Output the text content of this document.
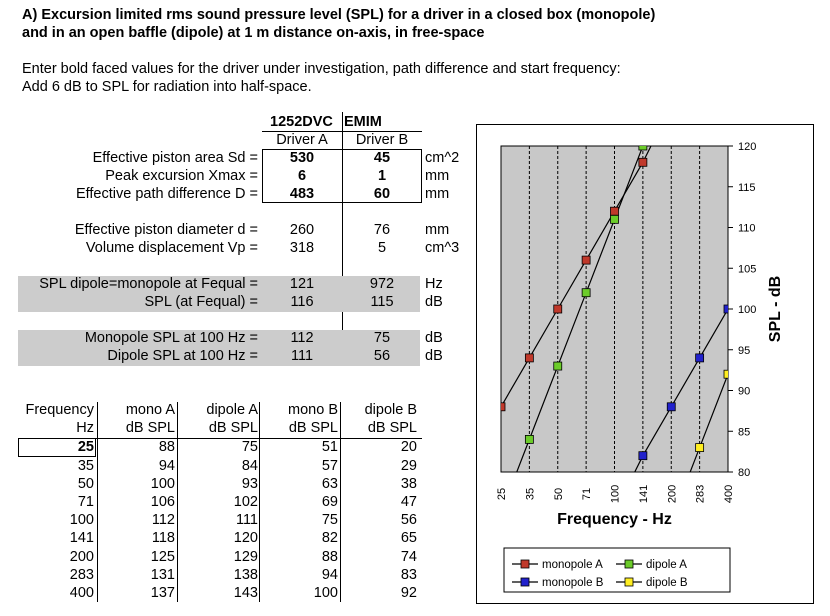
A) Excursion limited rms sound pressure level (SPL) for a driver in a closed box (monopole)
and in an open baffle (dipole) at 1 m distance on-axis, in free-space
Enter bold faced values for the driver under investigation, path difference and start frequency:
Add 6 dB to SPL for radiation into half-space.
1252DVC EMIM
Driver A	Driver B
Effective piston area Sd =	530	45	cm^2
Peak excursion Xmax =	6	1	mm
Effective path difference D =	483	60	mm
Effective piston diameter d =	260	76	mm
Volume displacement Vp =	318	5	cm^3
SPL dipole=monopole at Fequal =	121	972	Hz
SPL (at Fequal) =	116	115	dB
Monopole SPL at 100 Hz =	112	75	dB
Dipole SPL at 100 Hz =	111	56	dB
Frequency	mono A	dipole A	mono B	dipole B
Hz	dB SPL	dB SPL	dB SPL	dB SPL
25	88	75	51	20
35	94	84	57	29
50	100	93	63	38
71	106	102	69	47
100	112	111	75	56
141	118	120	82	65
200	125	129	88	74
283	131	138	94	83
400	137	143	100	92
80
85
90
95
100
105
110
115
120
25 35 50 71 100 141 200 283 400
Frequency - Hz
SPL - dB
monopole A	dipole A
monopole B	dipole B
